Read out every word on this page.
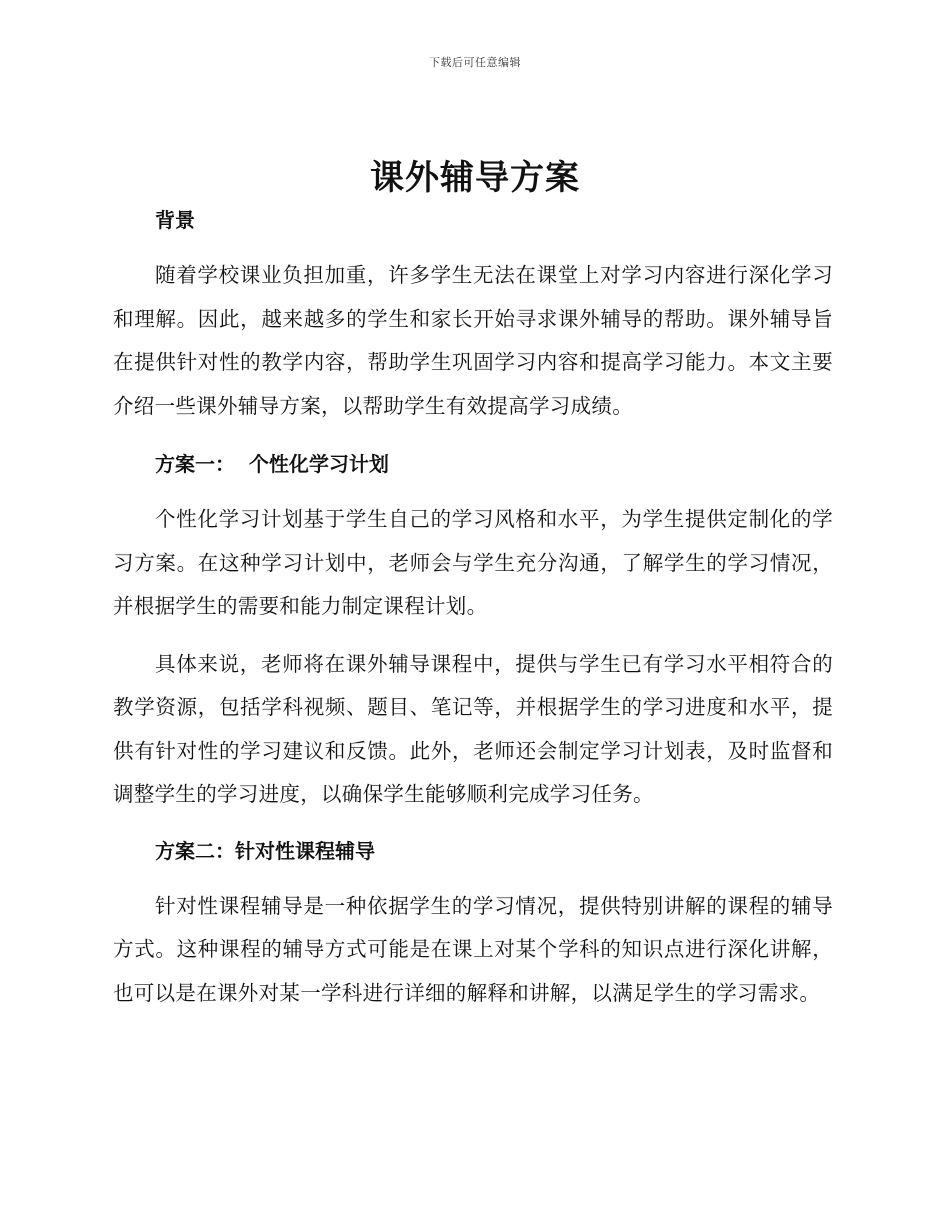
下载后可任意编辑
课外辅导方案
背景

随着学校课业负担加重，许多学生无法在课堂上对学习内容进行深化学习和理解。因此，越来越多的学生和家长开始寻求课外辅导的帮助。课外辅导旨在提供针对性的教学内容，帮助学生巩固学习内容和提高学习能力。本文主要介绍一些课外辅导方案，以帮助学生有效提高学习成绩。

方案一：  个性化学习计划

个性化学习计划基于学生自己的学习风格和水平，为学生提供定制化的学习方案。在这种学习计划中，老师会与学生充分沟通，了解学生的学习情况，并根据学生的需要和能力制定课程计划。

具体来说，老师将在课外辅导课程中，提供与学生已有学习水平相符合的教学资源，包括学科视频、题目、笔记等，并根据学生的学习进度和水平，提供有针对性的学习建议和反馈。此外，老师还会制定学习计划表，及时监督和调整学生的学习进度，以确保学生能够顺利完成学习任务。

方案二：针对性课程辅导

针对性课程辅导是一种依据学生的学习情况，提供特别讲解的课程的辅导方式。这种课程的辅导方式可能是在课上对某个学科的知识点进行深化讲解，也可以是在课外对某一学科进行详细的解释和讲解，以满足学生的学习需求。
